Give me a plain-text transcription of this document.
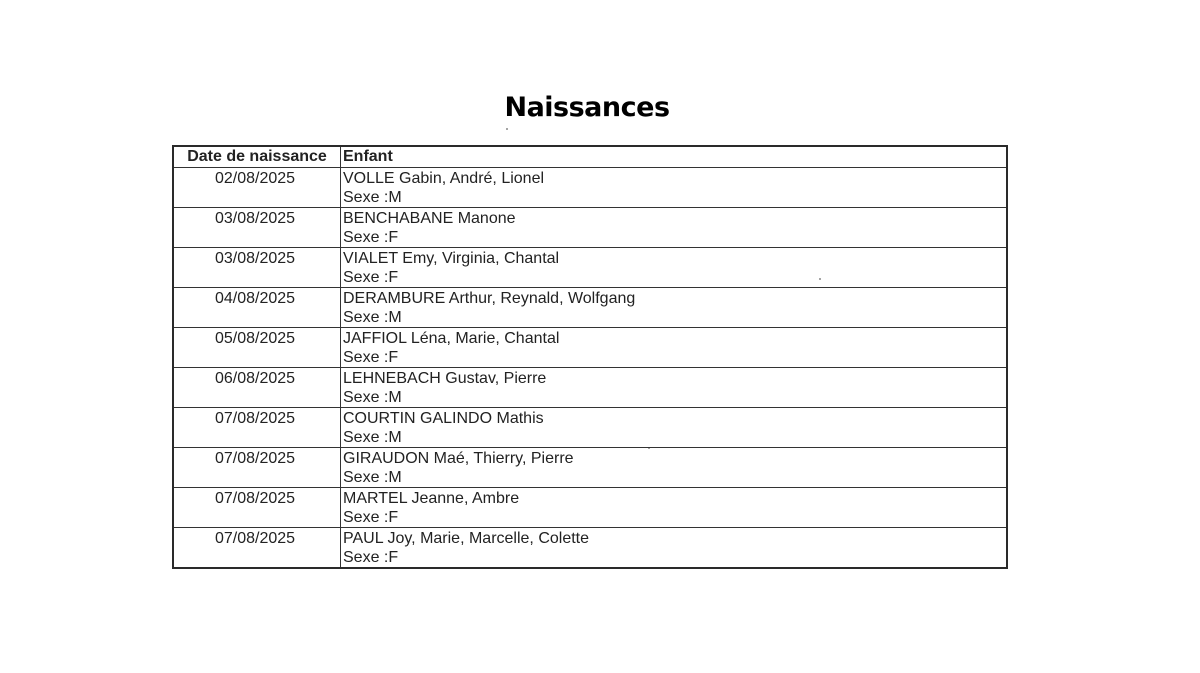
Naissances
Date de naissance	Enfant
02/08/2025	VOLLE Gabin, André, Lionel
Sexe :M

03/08/2025	BENCHABANE Manone
Sexe :F

03/08/2025	VIALET Emy, Virginia, Chantal
Sexe :F

04/08/2025	DERAMBURE Arthur, Reynald, Wolfgang
Sexe :M

05/08/2025	JAFFIOL Léna, Marie, Chantal
Sexe :F

06/08/2025	LEHNEBACH Gustav, Pierre
Sexe :M

07/08/2025	COURTIN GALINDO Mathis
Sexe :M

07/08/2025	GIRAUDON Maé, Thierry, Pierre
Sexe :M

07/08/2025	MARTEL Jeanne, Ambre
Sexe :F

07/08/2025	PAUL Joy, Marie, Marcelle, Colette
Sexe :F
